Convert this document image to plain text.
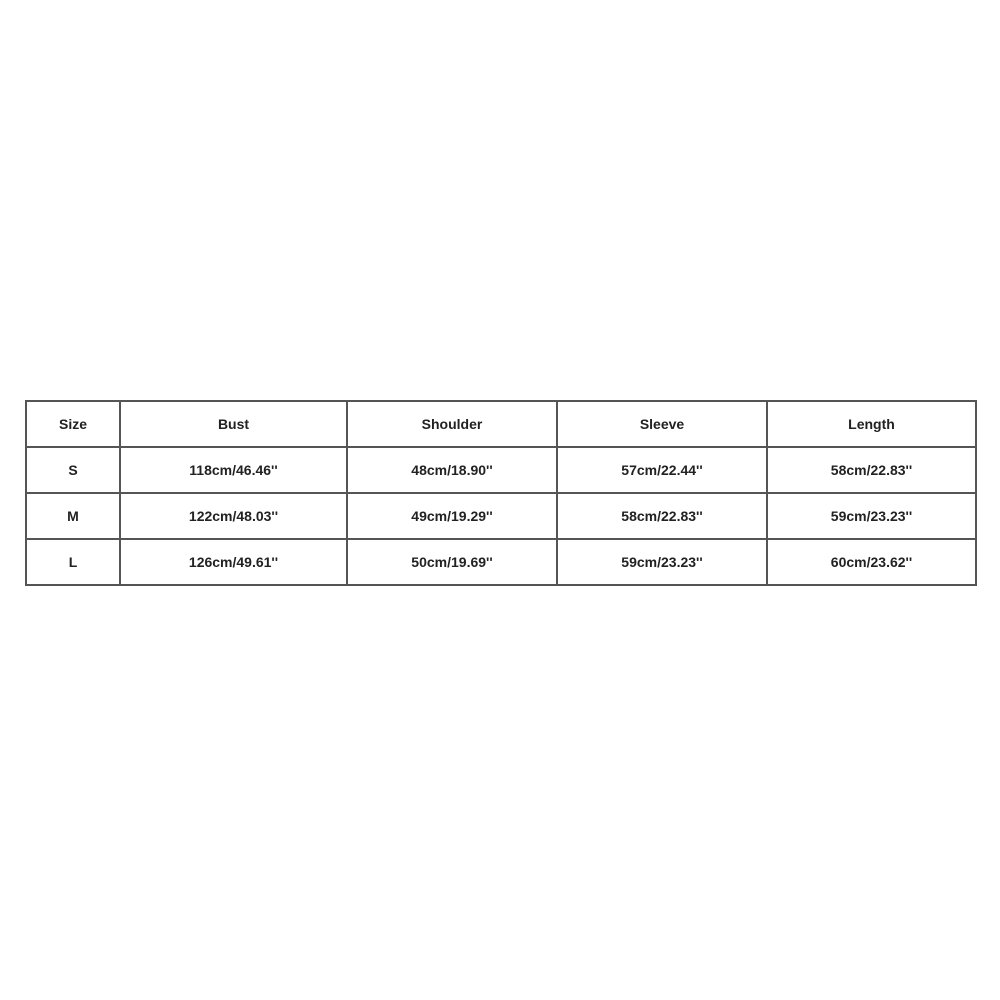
Size	Bust	Shoulder	Sleeve	Length
S	118cm/46.46''	48cm/18.90''	57cm/22.44''	58cm/22.83''
M	122cm/48.03''	49cm/19.29''	58cm/22.83''	59cm/23.23''
L	126cm/49.61''	50cm/19.69''	59cm/23.23''	60cm/23.62''
